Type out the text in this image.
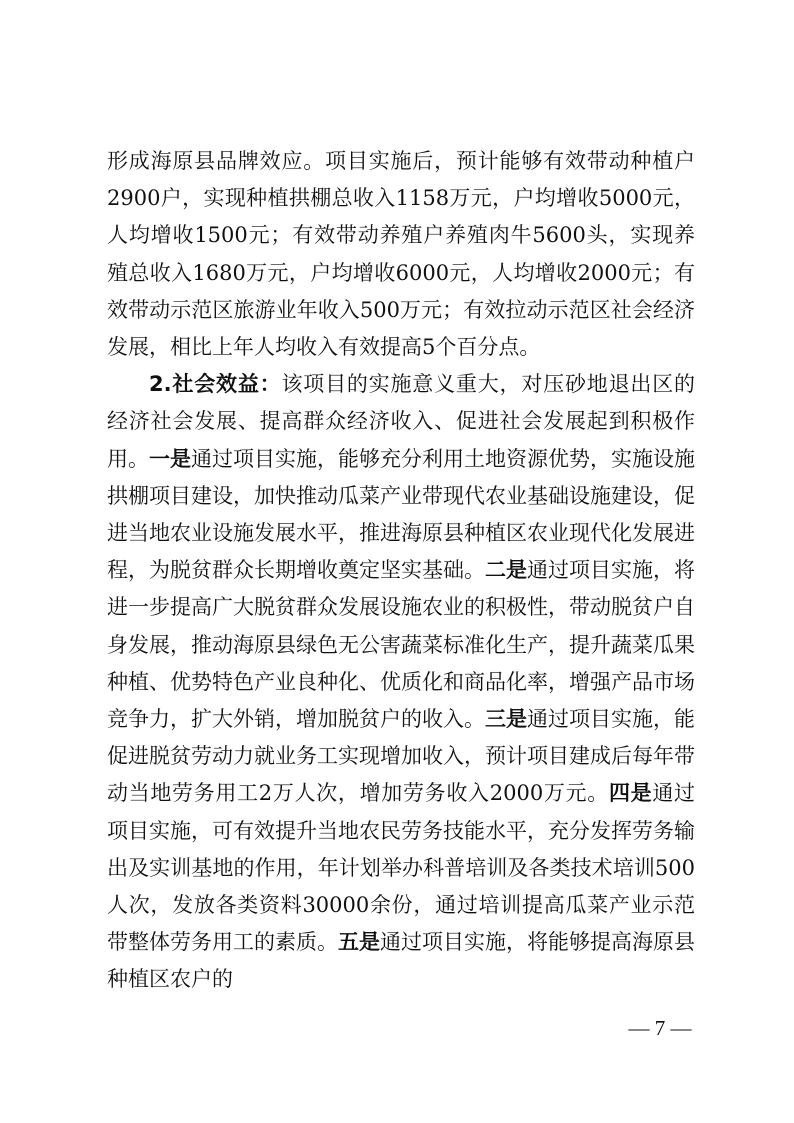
形成海原县品牌效应。项目实施后，预计能够有效带动种植户2900户，实现种植拱棚总收入1158万元，户均增收5000元，人均增收1500元；有效带动养殖户养殖肉牛5600头，实现养殖总收入1680万元，户均增收6000元，人均增收2000元；有效带动示范区旅游业年收入500万元；有效拉动示范区社会经济发展，相比上年人均收入有效提高5个百分点。

2.社会效益：该项目的实施意义重大，对压砂地退出区的经济社会发展、提高群众经济收入、促进社会发展起到积极作用。一是通过项目实施，能够充分利用土地资源优势，实施设施拱棚项目建设，加快推动瓜菜产业带现代农业基础设施建设，促进当地农业设施发展水平，推进海原县种植区农业现代化发展进程，为脱贫群众长期增收奠定坚实基础。二是通过项目实施，将进一步提高广大脱贫群众发展设施农业的积极性，带动脱贫户自身发展，推动海原县绿色无公害蔬菜标准化生产，提升蔬菜瓜果种植、优势特色产业良种化、优质化和商品化率，增强产品市场竞争力，扩大外销，增加脱贫户的收入。三是通过项目实施，能促进脱贫劳动力就业务工实现增加收入，预计项目建成后每年带动当地劳务用工2万人次，增加劳务收入2000万元。四是通过项目实施，可有效提升当地农民劳务技能水平，充分发挥劳务输出及实训基地的作用，年计划举办科普培训及各类技术培训500人次，发放各类资料30000余份，通过培训提高瓜菜产业示范带整体劳务用工的素质。五是通过项目实施，将能够提高海原县种植区农户的

— 7 —
